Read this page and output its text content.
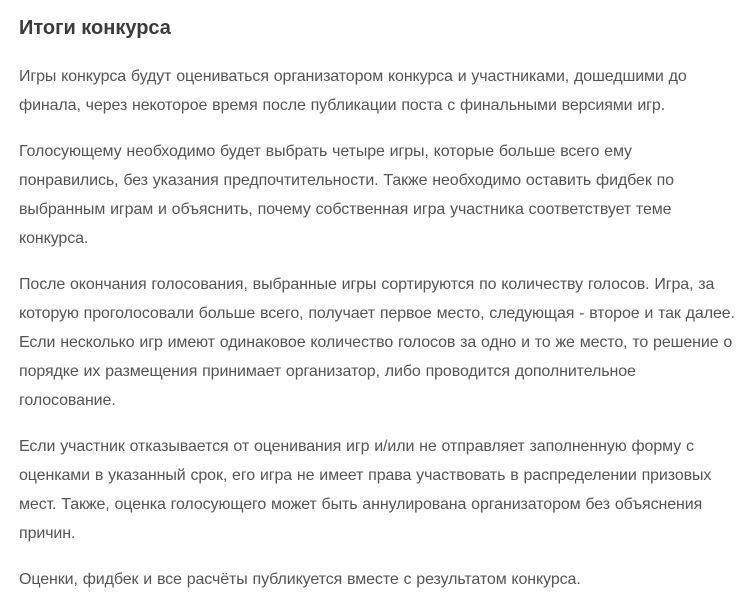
Итоги конкурса

Игры конкурса будут оцениваться организатором конкурса и участниками, дошедшими до финала, через некоторое время после публикации поста с финальными версиями игр.

Голосующему необходимо будет выбрать четыре игры, которые больше всего ему понравились, без указания предпочтительности. Также необходимо оставить фидбек по выбранным играм и объяснить, почему собственная игра участника соответствует теме конкурса.

После окончания голосования, выбранные игры сортируются по количеству голосов. Игра, за которую проголосовали больше всего, получает первое место, следующая - второе и так далее. Если несколько игр имеют одинаковое количество голосов за одно и то же место, то решение о порядке их размещения принимает организатор, либо проводится дополнительное голосование.

Если участник отказывается от оценивания игр и/или не отправляет заполненную форму с оценками в указанный срок, его игра не имеет права участвовать в распределении призовых мест. Также, оценка голосующего может быть аннулирована организатором без объяснения причин.

Оценки, фидбек и все расчёты публикуется вместе с результатом конкурса.
